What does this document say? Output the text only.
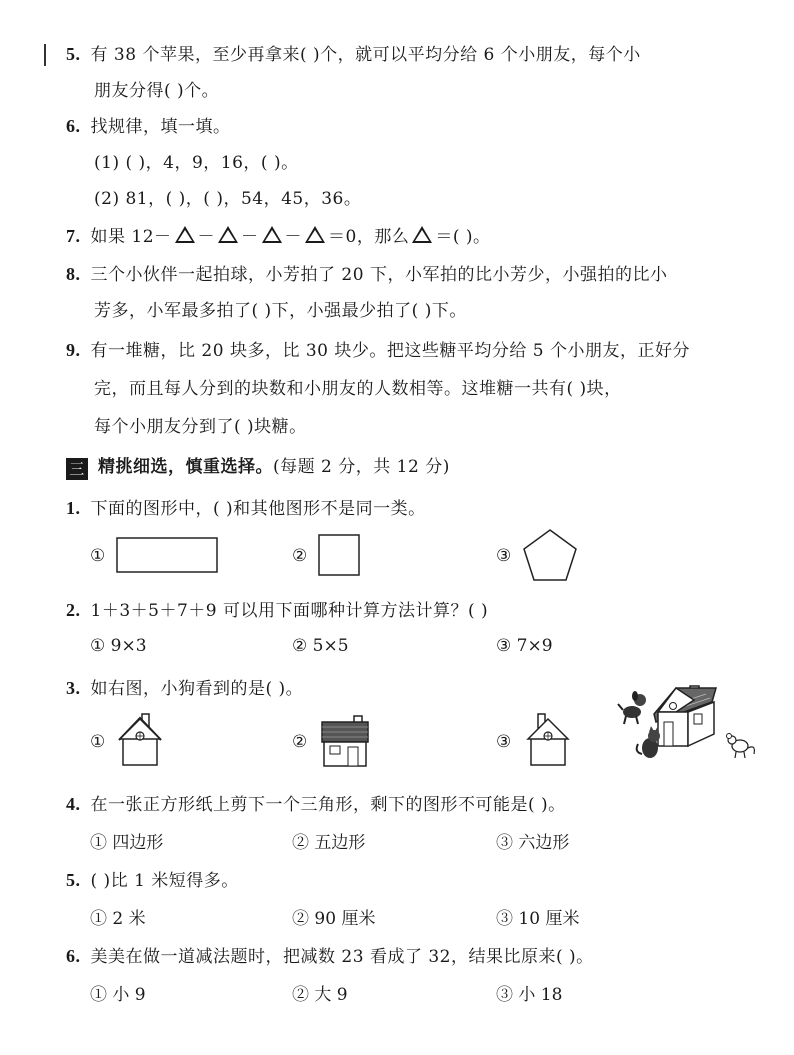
5. 有 38 个苹果，至少再拿来( )个，就可以平均分给 6 个小朋友，每个小
朋友分得( )个。
6. 找规律，填一填。
(1) ( )，4，9，16，( )。
(2) 81，( )，( )，54，45，36。
7. 如果 12－ － － － ＝0，那么 ＝( )。
8. 三个小伙伴一起拍球，小芳拍了 20 下，小军拍的比小芳少，小强拍的比小
芳多，小军最多拍了( )下，小强最少拍了( )下。
9. 有一堆糖，比 20 块多，比 30 块少。把这些糖平均分给 5 个小朋友，正好分
完，而且每人分到的块数和小朋友的人数相等。这堆糖一共有( )块，
每个小朋友分到了( )块糖。
三 精挑细选，慎重选择。(每题 2 分，共 12 分)
1. 下面的图形中，( )和其他图形不是同一类。
①	②	③
2. 1＋3＋5＋7＋9 可以用下面哪种计算方法计算？( )
① 9×3	② 5×5	③ 7×9
3. 如右图，小狗看到的是( )。
①	②	③
4. 在一张正方形纸上剪下一个三角形，剩下的图形不可能是( )。
① 四边形	② 五边形	③ 六边形
5. ( )比 1 米短得多。
① 2 米	② 90 厘米	③ 10 厘米
6. 美美在做一道减法题时，把减数 23 看成了 32，结果比原来( )。
① 小 9	② 大 9	③ 小 18
